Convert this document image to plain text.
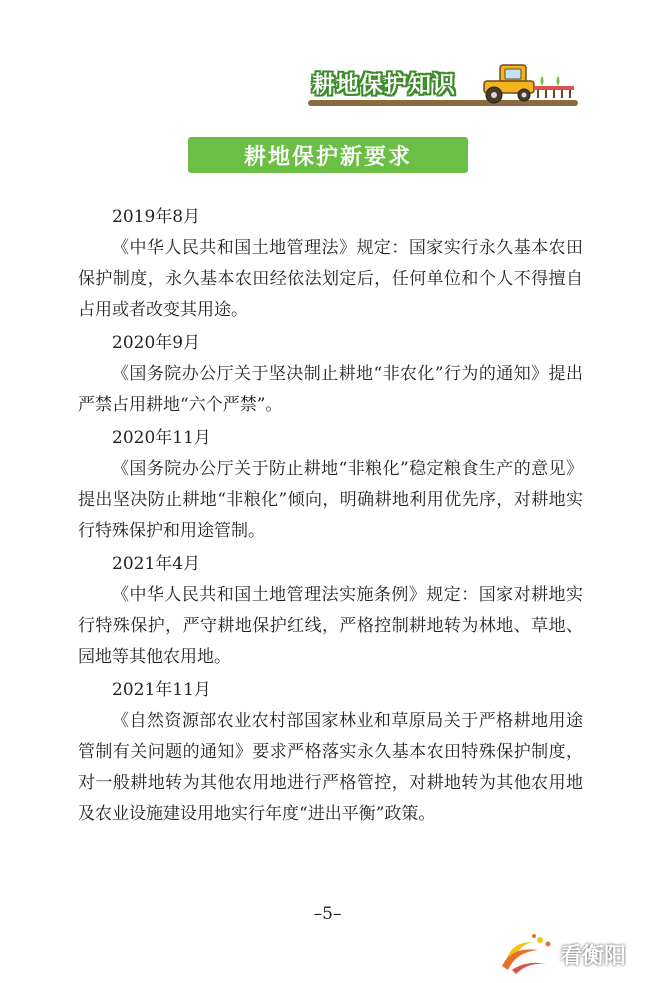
耕地保护知识
耕地保护新要求

2019年8月

《中华人民共和国土地管理法》规定：国家实行永久基本农田保护制度，永久基本农田经依法划定后，任何单位和个人不得擅自占用或者改变其用途。

2020年9月

《国务院办公厅关于坚决制止耕地“非农化”行为的通知》提出严禁占用耕地“六个严禁”。

2020年11月

《国务院办公厅关于防止耕地“非粮化”稳定粮食生产的意见》提出坚决防止耕地“非粮化”倾向，明确耕地利用优先序，对耕地实行特殊保护和用途管制。

2021年4月

《中华人民共和国土地管理法实施条例》规定：国家对耕地实行特殊保护，严守耕地保护红线，严格控制耕地转为林地、草地、园地等其他农用地。

2021年11月

《自然资源部农业农村部国家林业和草原局关于严格耕地用途管制有关问题的通知》要求严格落实永久基本农田特殊保护制度，对一般耕地转为其他农用地进行严格管控，对耕地转为其他农用地及农业设施建设用地实行年度“进出平衡”政策。

–5–
看衡阳
